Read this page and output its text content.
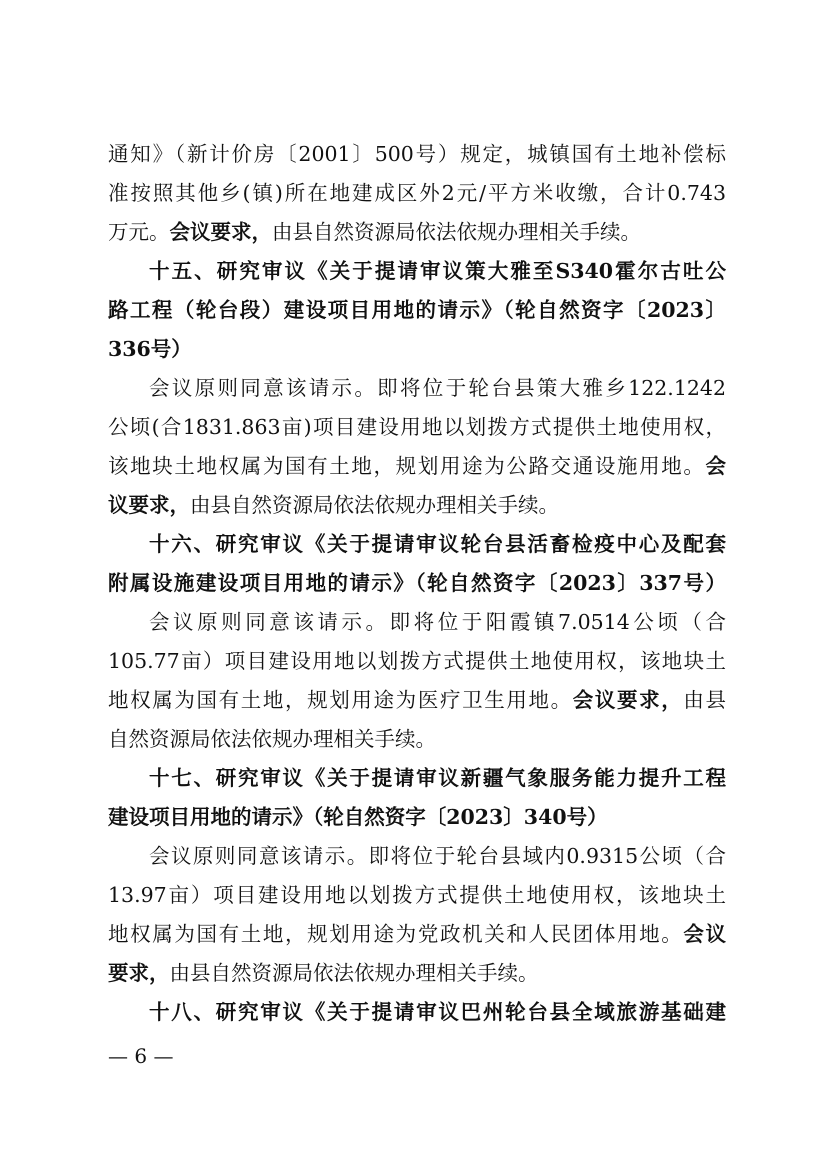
通知》（新计价房〔2001〕500号）规定，城镇国有土地补偿标
准按照其他乡(镇)所在地建成区外2元/平方米收缴，合计0.743
万元。会议要求，由县自然资源局依法依规办理相关手续。
十五、研究审议《关于提请审议策大雅至S340霍尔古吐公
路工程（轮台段）建设项目用地的请示》（轮自然资字〔2023〕
336号）
会议原则同意该请示。即将位于轮台县策大雅乡122.1242
公顷(合1831.863亩)项目建设用地以划拨方式提供土地使用权，
该地块土地权属为国有土地，规划用途为公路交通设施用地。会
议要求，由县自然资源局依法依规办理相关手续。
十六、研究审议《关于提请审议轮台县活畜检疫中心及配套
附属设施建设项目用地的请示》（轮自然资字〔2023〕337号）
会议原则同意该请示。即将位于阳霞镇7.0514公顷（合
105.77亩）项目建设用地以划拨方式提供土地使用权，该地块土
地权属为国有土地，规划用途为医疗卫生用地。会议要求，由县
自然资源局依法依规办理相关手续。
十七、研究审议《关于提请审议新疆气象服务能力提升工程
建设项目用地的请示》（轮自然资字〔2023〕340号）
会议原则同意该请示。即将位于轮台县域内0.9315公顷（合
13.97亩）项目建设用地以划拨方式提供土地使用权，该地块土
地权属为国有土地，规划用途为党政机关和人民团体用地。会议
要求，由县自然资源局依法依规办理相关手续。
十八、研究审议《关于提请审议巴州轮台县全域旅游基础建
— 6 —
